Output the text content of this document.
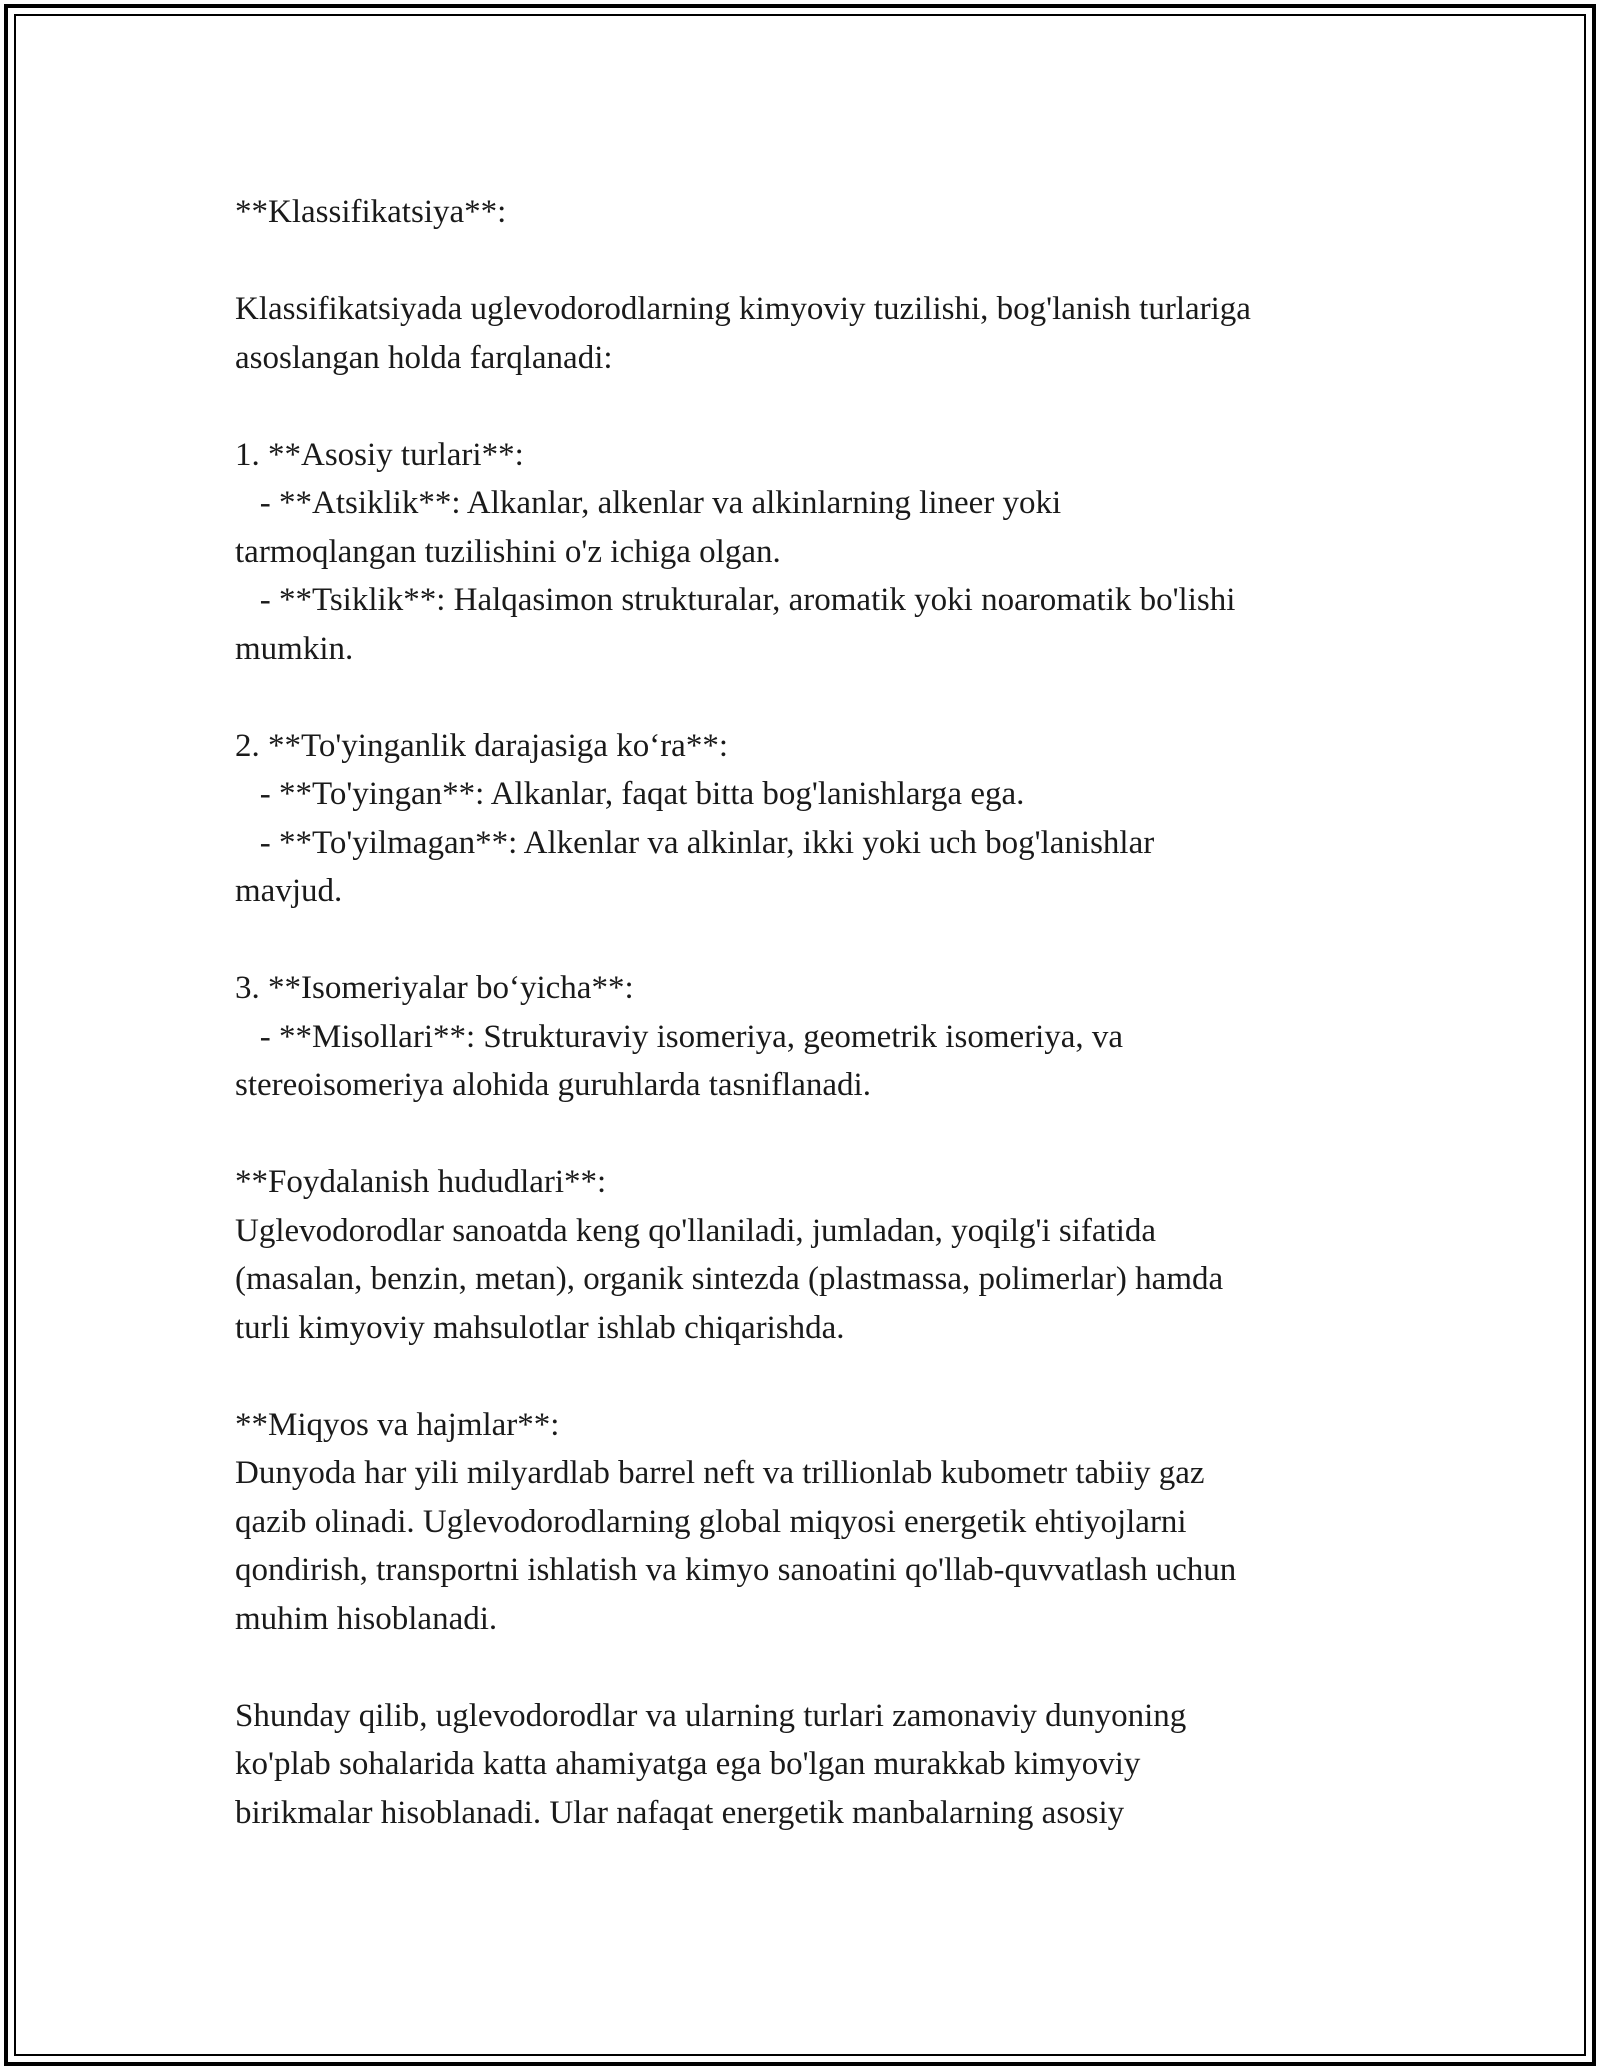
**Klassifikatsiya**:
Klassifikatsiyada uglevodorodlarning kimyoviy tuzilishi, bog'lanish turlariga
asoslangan holda farqlanadi:
1. **Asosiy turlari**:
- **Atsiklik**: Alkanlar, alkenlar va alkinlarning lineer yoki
tarmoqlangan tuzilishini o'z ichiga olgan.
- **Tsiklik**: Halqasimon strukturalar, aromatik yoki noaromatik bo'lishi
mumkin.
2. **To'yinganlik darajasiga ko‘ra**:
- **To'yingan**: Alkanlar, faqat bitta bog'lanishlarga ega.
- **To'yilmagan**: Alkenlar va alkinlar, ikki yoki uch bog'lanishlar
mavjud.
3. **Isomeriyalar bo‘yicha**:
- **Misollari**: Strukturaviy isomeriya, geometrik isomeriya, va
stereoisomeriya alohida guruhlarda tasniflanadi.
**Foydalanish hududlari**:
Uglevodorodlar sanoatda keng qo'llaniladi, jumladan, yoqilg'i sifatida
(masalan, benzin, metan), organik sintezda (plastmassa, polimerlar) hamda
turli kimyoviy mahsulotlar ishlab chiqarishda.
**Miqyos va hajmlar**:
Dunyoda har yili milyardlab barrel neft va trillionlab kubometr tabiiy gaz
qazib olinadi. Uglevodorodlarning global miqyosi energetik ehtiyojlarni
qondirish, transportni ishlatish va kimyo sanoatini qo'llab-quvvatlash uchun
muhim hisoblanadi.
Shunday qilib, uglevodorodlar va ularning turlari zamonaviy dunyoning
ko'plab sohalarida katta ahamiyatga ega bo'lgan murakkab kimyoviy
birikmalar hisoblanadi. Ular nafaqat energetik manbalarning asosiy
